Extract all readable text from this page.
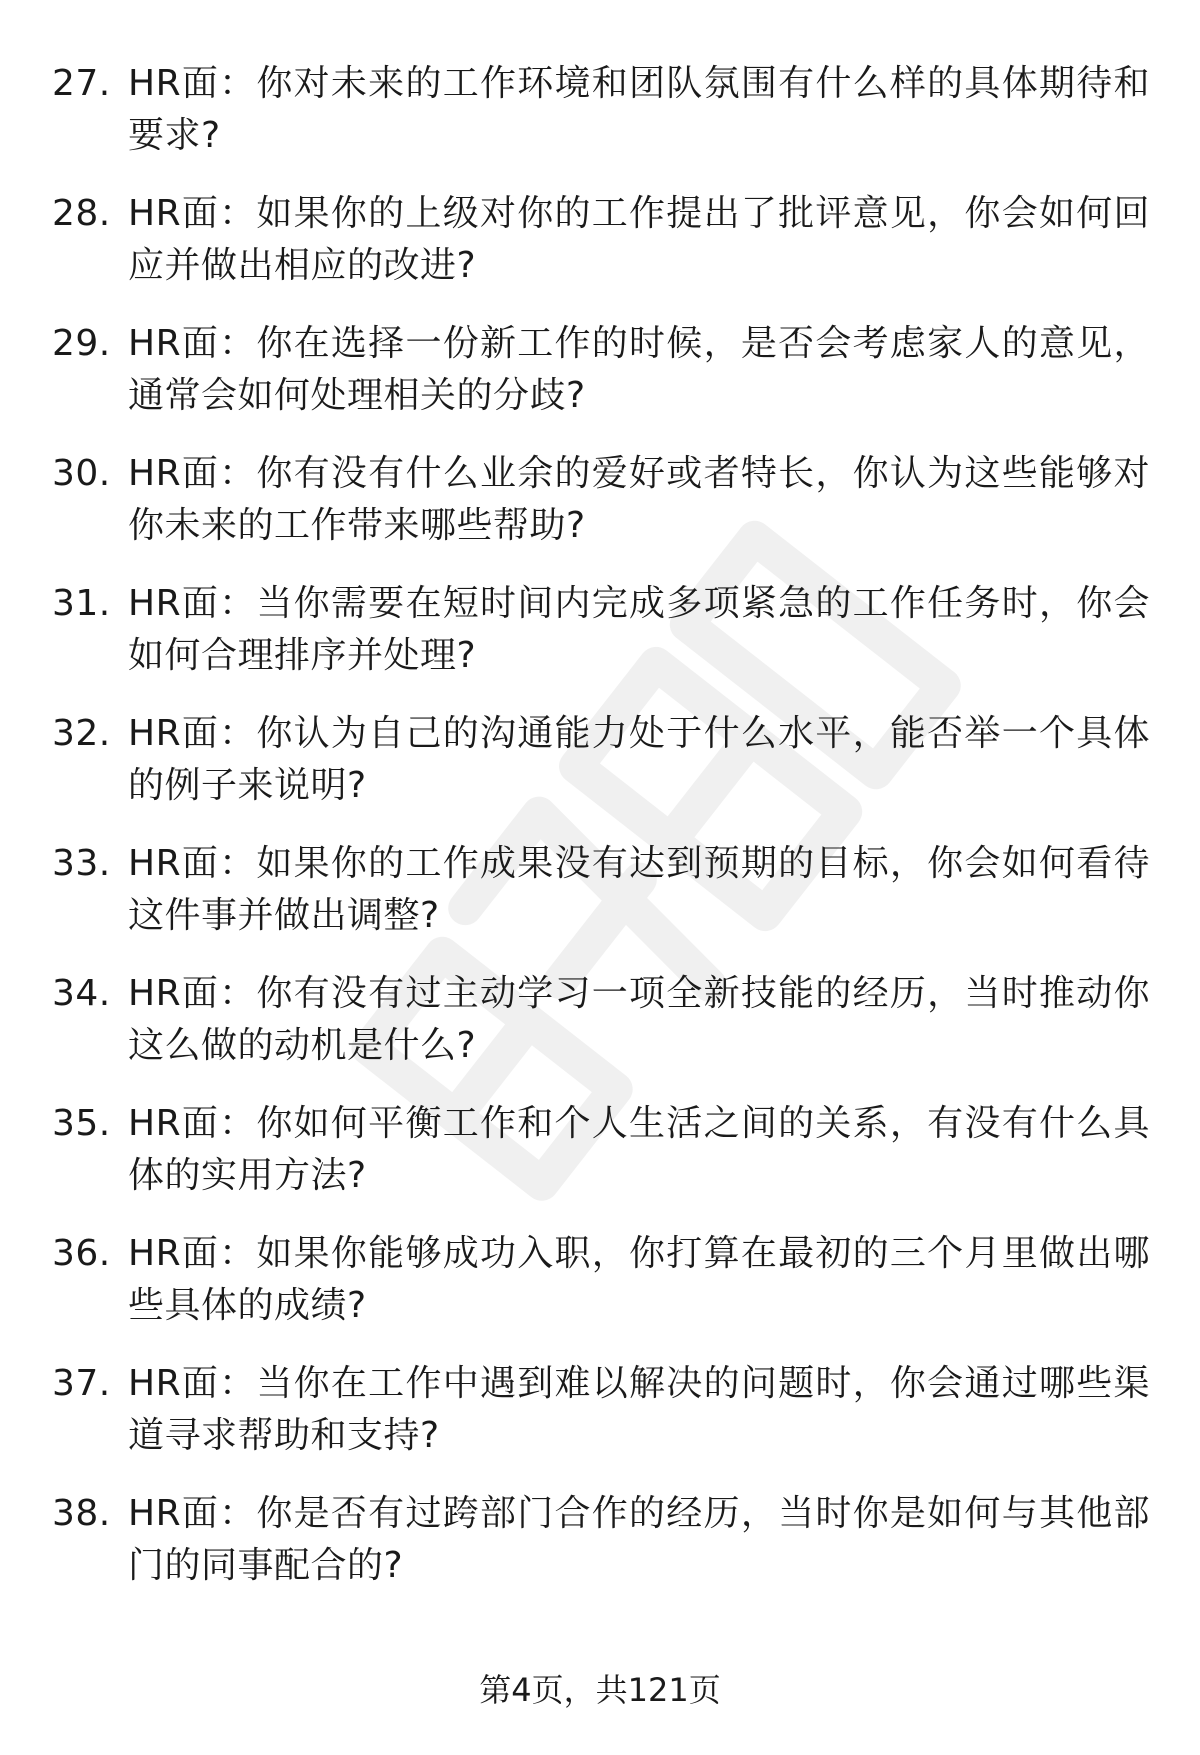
27. HR面：你对未来的工作环境和团队氛围有什么样的具体期待和要求?
28. HR面：如果你的上级对你的工作提出了批评意见，你会如何回应并做出相应的改进?
29. HR面：你在选择一份新工作的时候，是否会考虑家人的意见，通常会如何处理相关的分歧?
30. HR面：你有没有什么业余的爱好或者特长，你认为这些能够对你未来的工作带来哪些帮助?
31. HR面：当你需要在短时间内完成多项紧急的工作任务时，你会如何合理排序并处理?
32. HR面：你认为自己的沟通能力处于什么水平，能否举一个具体的例子来说明?
33. HR面：如果你的工作成果没有达到预期的目标，你会如何看待这件事并做出调整?
34. HR面：你有没有过主动学习一项全新技能的经历，当时推动你这么做的动机是什么?
35. HR面：你如何平衡工作和个人生活之间的关系，有没有什么具体的实用方法?
36. HR面：如果你能够成功入职，你打算在最初的三个月里做出哪些具体的成绩?
37. HR面：当你在工作中遇到难以解决的问题时，你会通过哪些渠道寻求帮助和支持?
38. HR面：你是否有过跨部门合作的经历，当时你是如何与其他部门的同事配合的?
第4页，共121页
